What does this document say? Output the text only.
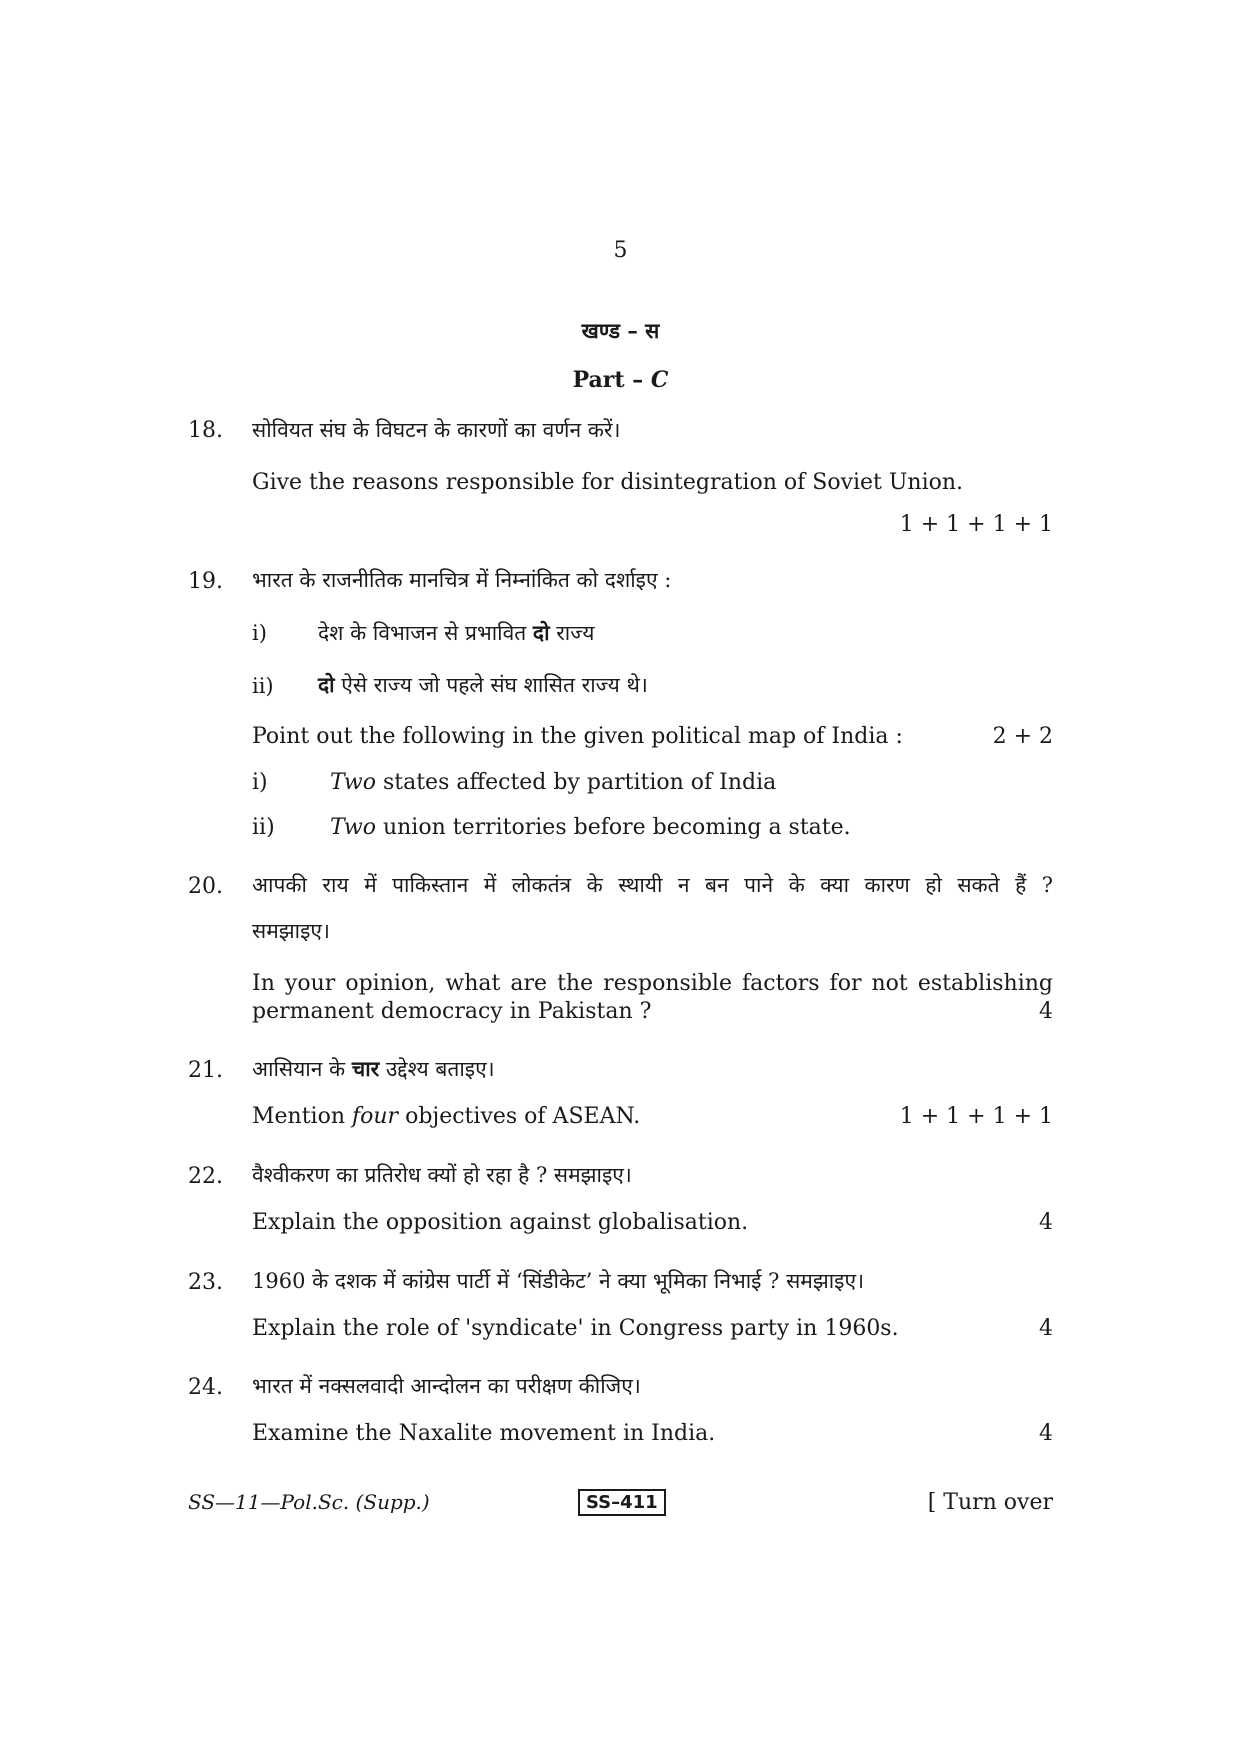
5
खण्ड – स
Part – C
18.	सोवियत संघ के विघटन के कारणों का वर्णन करें।
Give the reasons responsible for disintegration of Soviet Union.
1 + 1 + 1 + 1
19.	भारत के राजनीतिक मानचित्र में निम्नांकित को दर्शाइए :
i) देश के विभाजन से प्रभावित दो राज्य
ii) दो ऐसे राज्य जो पहले संघ शासित राज्य थे।
Point out the following in the given political map of India :	2 + 2
i)	Two states affected by partition of India
ii)	Two union territories before becoming a state.
20.	आपकी राय में पाकिस्तान में लोकतंत्र के स्थायी न बन पाने के क्या कारण हो सकते हैं ?
समझाइए।
In your opinion, what are the responsible factors for not establishing
permanent democracy in Pakistan ?	4
21.	आसियान के चार उद्देश्य बताइए।
Mention four objectives of ASEAN.	1 + 1 + 1 + 1
22.	वैश्वीकरण का प्रतिरोध क्यों हो रहा है ? समझाइए।
Explain the opposition against globalisation.	4
23.	1960 के दशक में कांग्रेस पार्टी में ‘सिंडीकेट’ ने क्या भूमिका निभाई ? समझाइए।
Explain the role of 'syndicate' in Congress party in 1960s.	4
24.	भारत में नक्सलवादी आन्दोलन का परीक्षण कीजिए।
Examine the Naxalite movement in India.	4
SS—11—Pol.Sc. (Supp.)	SS–411	[ Turn over
